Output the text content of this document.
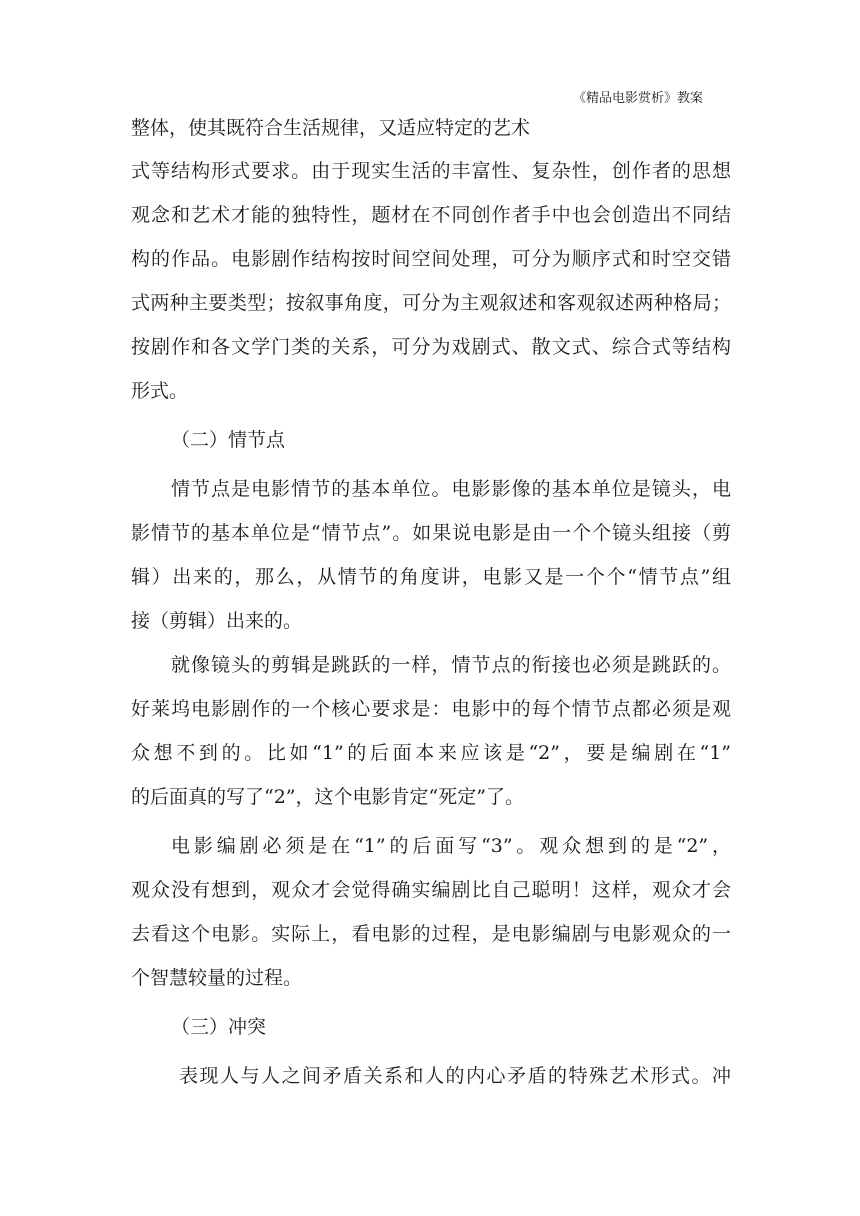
《精品电影赏析》教案
整体，使其既符合生活规律，又适应特定的艺术
式等结构形式要求。由于现实生活的丰富性、复杂性，创作者的思想
观念和艺术才能的独特性，题材在不同创作者手中也会创造出不同结
构的作品。电影剧作结构按时间空间处理，可分为顺序式和时空交错
式两种主要类型；按叙事角度，可分为主观叙述和客观叙述两种格局；
按剧作和各文学门类的关系，可分为戏剧式、散文式、综合式等结构
形式。
（二）情节点
情节点是电影情节的基本单位。电影影像的基本单位是镜头，电
影情节的基本单位是“情节点”。如果说电影是由一个个镜头组接（剪
辑）出来的，那么，从情节的角度讲，电影又是一个个“情节点”组
接（剪辑）出来的。
就像镜头的剪辑是跳跃的一样，情节点的衔接也必须是跳跃的。
好莱坞电影剧作的一个核心要求是：电影中的每个情节点都必须是观
众想不到的。比如“1”的后面本来应该是“2”，要是编剧在“1”
的后面真的写了“2”，这个电影肯定“死定”了。
电影编剧必须是在“1”的后面写“3”。观众想到的是“2”，
观众没有想到，观众才会觉得确实编剧比自己聪明！这样，观众才会
去看这个电影。实际上，看电影的过程，是电影编剧与电影观众的一
个智慧较量的过程。
（三）冲突
表现人与人之间矛盾关系和人的内心矛盾的特殊艺术形式。冲
